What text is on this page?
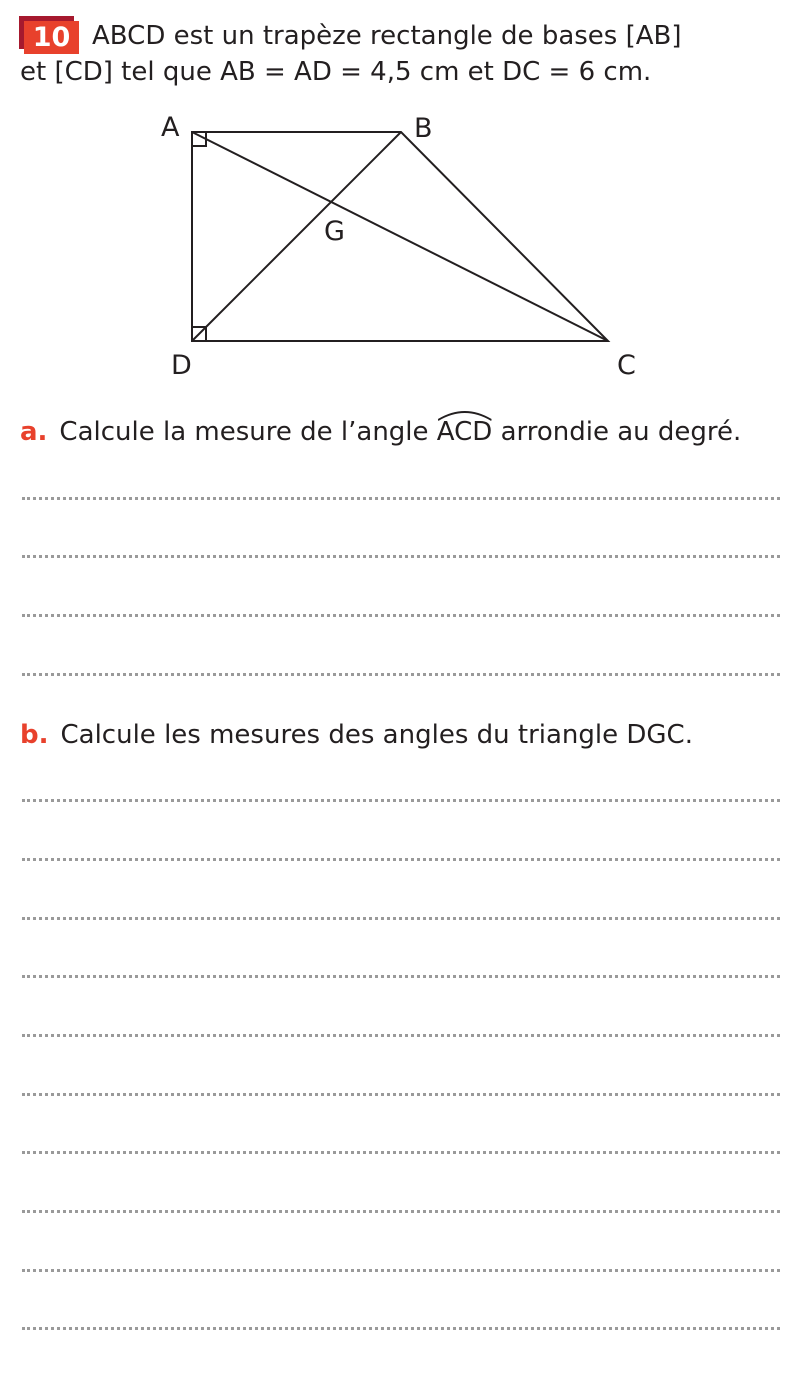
10 ABCD est un trapèze rectangle de bases [AB]
et [CD] tel que AB = AD = 4,5 cm et DC = 6 cm.
A	B
C
D
G
a. Calcule la mesure de l’angle ACD arrondie au degré.
b. Calcule les mesures des angles du triangle DGC.
